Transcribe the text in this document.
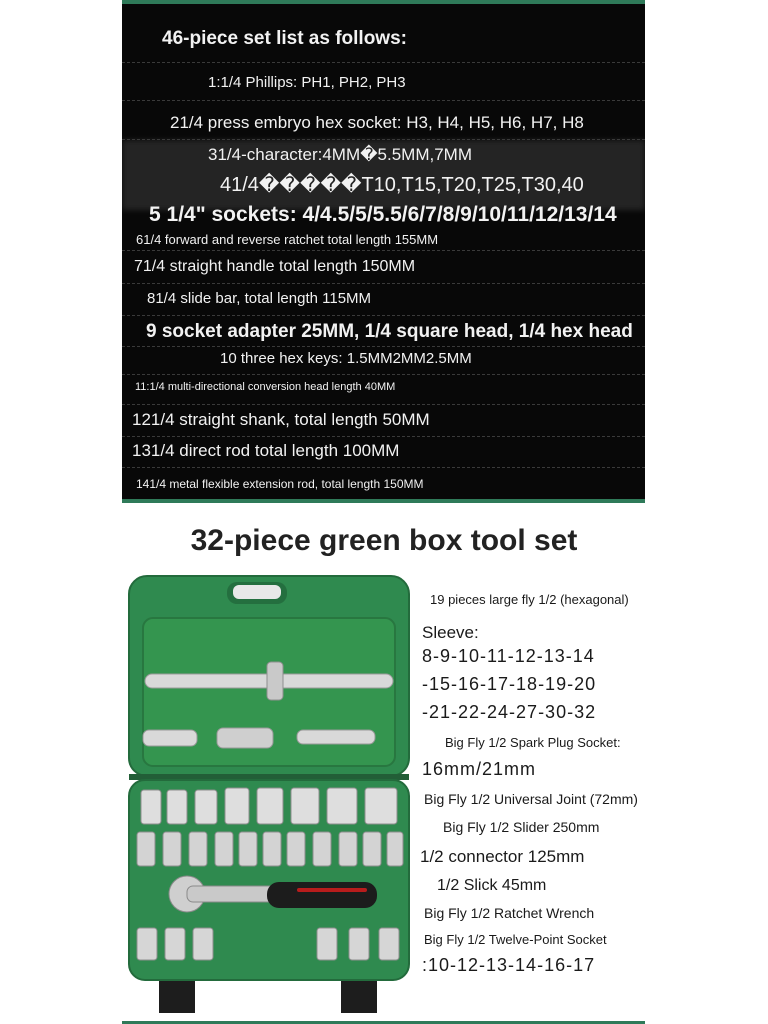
46-piece set list as follows:
1:1/4 Phillips: PH1, PH2, PH3
21/4 press embryo hex socket: H3, H4, H5, H6, H7, H8
31/4-character:4MM�5.5MM,7MM
41/4�����T10,T15,T20,T25,T30,40
5 1/4" sockets: 4/4.5/5/5.5/6/7/8/9/10/11/12/13/14
61/4 forward and reverse ratchet total length 155MM
71/4 straight handle total length 150MM
81/4 slide bar, total length 115MM
9 socket adapter 25MM, 1/4 square head, 1/4 hex head
10 three hex keys: 1.5MM2MM2.5MM
11:1/4 multi-directional conversion head length 40MM
121/4 straight shank, total length 50MM
131/4 direct rod total length 100MM
141/4 metal flexible extension rod, total length 150MM
32-piece green box tool set
19 pieces large fly 1/2 (hexagonal)
Sleeve:
8-9-10-11-12-13-14
-15-16-17-18-19-20
-21-22-24-27-30-32
Big Fly 1/2 Spark Plug Socket:
16mm/21mm
Big Fly 1/2 Universal Joint (72mm)
Big Fly 1/2 Slider 250mm
1/2 connector 125mm
1/2 Slick 45mm
Big Fly 1/2 Ratchet Wrench
Big Fly 1/2 Twelve-Point Socket
:10-12-13-14-16-17
